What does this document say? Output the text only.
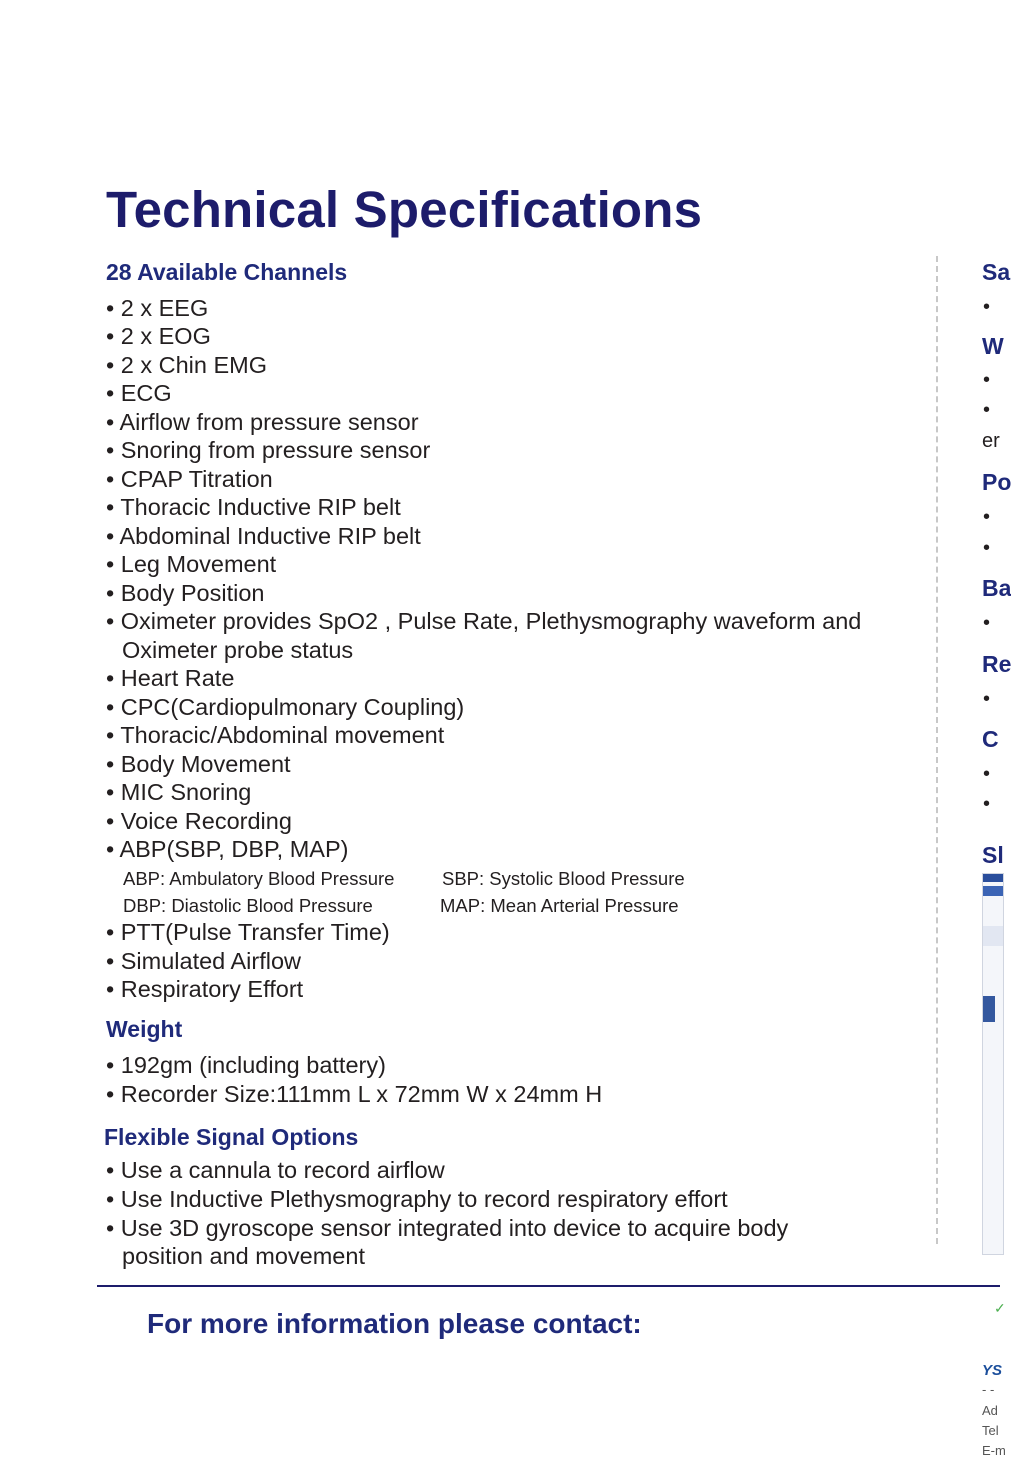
Technical Specifications
28 Available Channels
• 2 x EEG
• 2 x EOG
• 2 x Chin EMG
• ECG
• Airflow from pressure sensor
• Snoring from pressure sensor
• CPAP Titration
• Thoracic Inductive RIP belt
• Abdominal Inductive RIP belt
• Leg Movement
• Body Position
• Oximeter provides SpO2 , Pulse Rate, Plethysmography waveform and
Oximeter probe status
• Heart Rate
• CPC(Cardiopulmonary Coupling)
• Thoracic/Abdominal movement
• Body Movement
• MIC Snoring
• Voice Recording
• ABP(SBP, DBP, MAP)
ABP: Ambulatory Blood Pressure	SBP: Systolic Blood Pressure
DBP: Diastolic Blood Pressure	MAP: Mean Arterial Pressure
• PTT(Pulse Transfer Time)
• Simulated Airflow
• Respiratory Effort
Weight
• 192gm (including battery)
• Recorder Size:111mm L x 72mm W x 24mm H
Flexible Signal Options
• Use a cannula to record airflow
• Use Inductive Plethysmography to record respiratory effort
• Use 3D gyroscope sensor integrated into device to acquire body
position and movement
For more information please contact:
Sa
•
W
•
•
er
Po
•
•
Ba
•
Re
•
C
•
•
Sl
✓
YS
- -
Ad
Tel
E-m
